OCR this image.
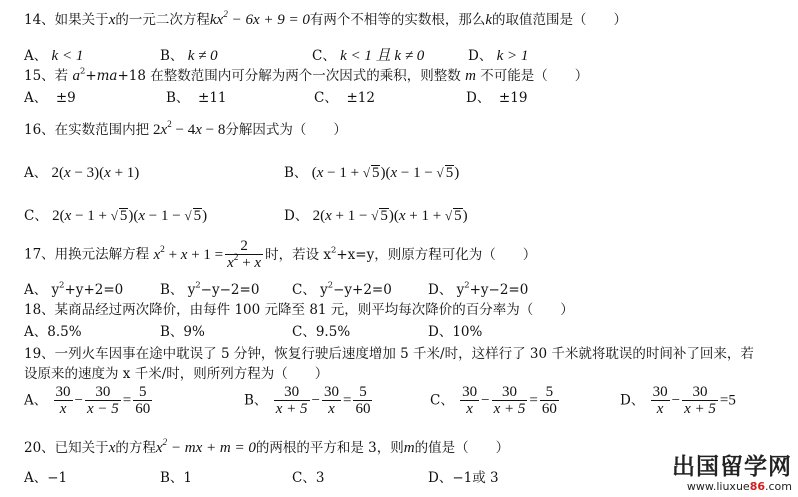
14、如果关于x的一元二次方程$kx^2 - 6x + 9 = 0$有两个不相等的实数根，那么k的取值范围是（　　）
A、 k < 1	B、 k ≠ 0	C、 k < 1 且 k ≠ 0	D、 k > 1
15、若 $a^2+ma+18$ 在整数范围内可分解为两个一次因式的乘积，则整数 m 不可能是（　　）
A、 ±9	B、 ±11	C、 ±12	D、 ±19
16、在实数范围内把 $2x^2 - 4x - 8$分解因式为（　　）
A、 2(x − 3)(x + 1)	B、 (x − 1 + √ 5)(x − 1 − √ 5)
C、 2(x − 1 + √ 5)(x − 1 − √ 5)	D、 2(x + 1 − √ 5)(x + 1 + √ 5)
17、用换元法解方程 $x^2 + x + 1 = \frac{2}{x^2 + x}$ 时，若设 $x^2+x=y$，则原方程可化为（　　）
A、 $y^2+y+2=0$	B、 $y^2-y-2=0$ C、 $y^2-y+2=0$	D、 $y^2+y-2=0$
18、某商品经过两次降价，由每件 100 元降至 81 元，则平均每次降价的百分率为（　　）
A、8.5%	B、9%	C、9.5%	D、10%
19、一列火车因事在途中耽误了 5 分钟，恢复行驶后速度增加 5 千米/时，这样行了 30 千米就将耽误的时间补了回来，若
设原来的速度为 x 千米/时，则所列方程为（　　）
A、 $\frac{30}{x} - \frac{30}{x - 5} = \frac{5}{60}$	B、 $\frac{30}{x + 5} - \frac{30}{x} = \frac{5}{60}$	C、 $\frac{30}{x} - \frac{30}{x + 5} = \frac{5}{60}$	D、 $\frac{30}{x} - \frac{30}{x + 5} =5$
20、已知关于x的方程$x^2$ − mx + m = 0的两根的平方和是 3，则m的值是（　　）
A、−1	B、1	C、3	D、−1或 3	出国留学网
www.liuxue86.com
